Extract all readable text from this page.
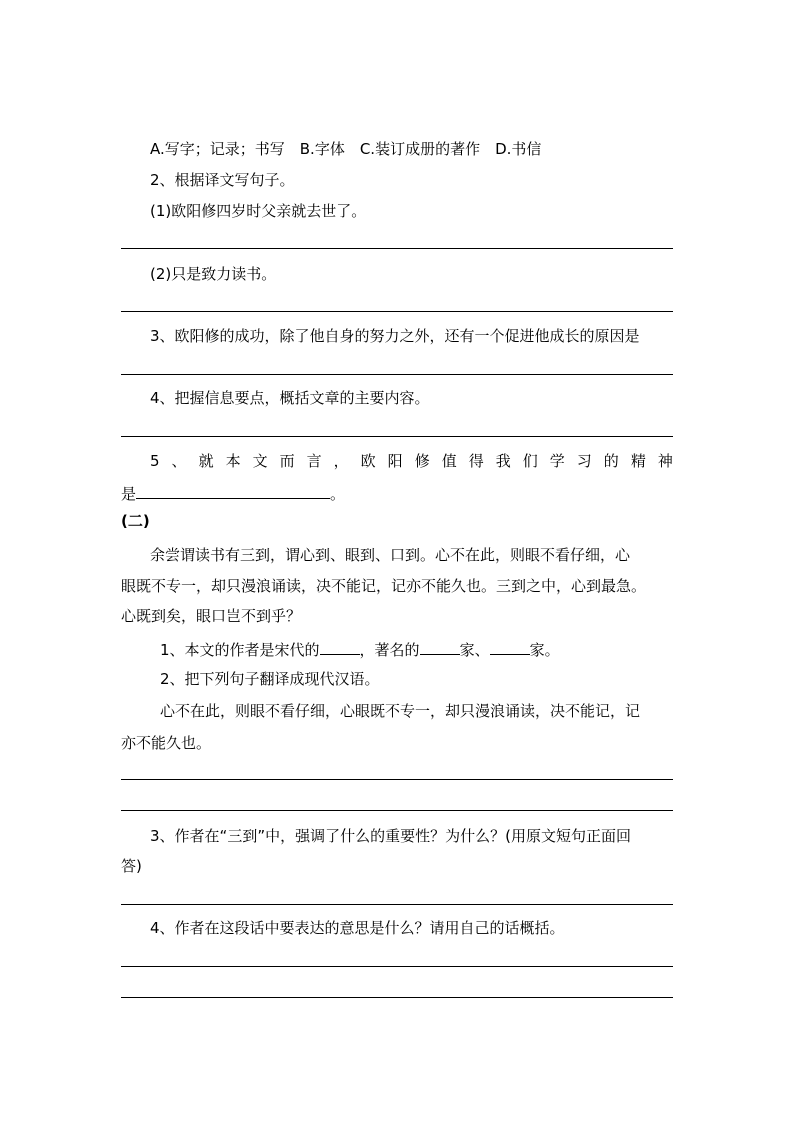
A.写字；记录；书写　B.字体　C.装订成册的著作　D.书信
2、根据译文写句子。
(1)欧阳修四岁时父亲就去世了。
(2)只是致力读书。
3、欧阳修的成功，除了他自身的努力之外，还有一个促进他成长的原因是
4、把握信息要点，概括文章的主要内容。
5 、 就 本 文 而 言 ， 欧 阳 修 值 得 我 们 学 习 的 精 神
是	。
(二)
余尝谓读书有三到，谓心到、眼到、口到。心不在此，则眼不看仔细，心
眼既不专一，却只漫浪诵读，决不能记，记亦不能久也。三到之中，心到最急。
心既到矣，眼口岂不到乎？
1、本文的作者是宋代的	，著名的	家、	家。
2、把下列句子翻译成现代汉语。
心不在此，则眼不看仔细，心眼既不专一，却只漫浪诵读，决不能记，记
亦不能久也。
3、作者在“三到”中，强调了什么的重要性？为什么？(用原文短句正面回
答)
4、作者在这段话中要表达的意思是什么？请用自己的话概括。
